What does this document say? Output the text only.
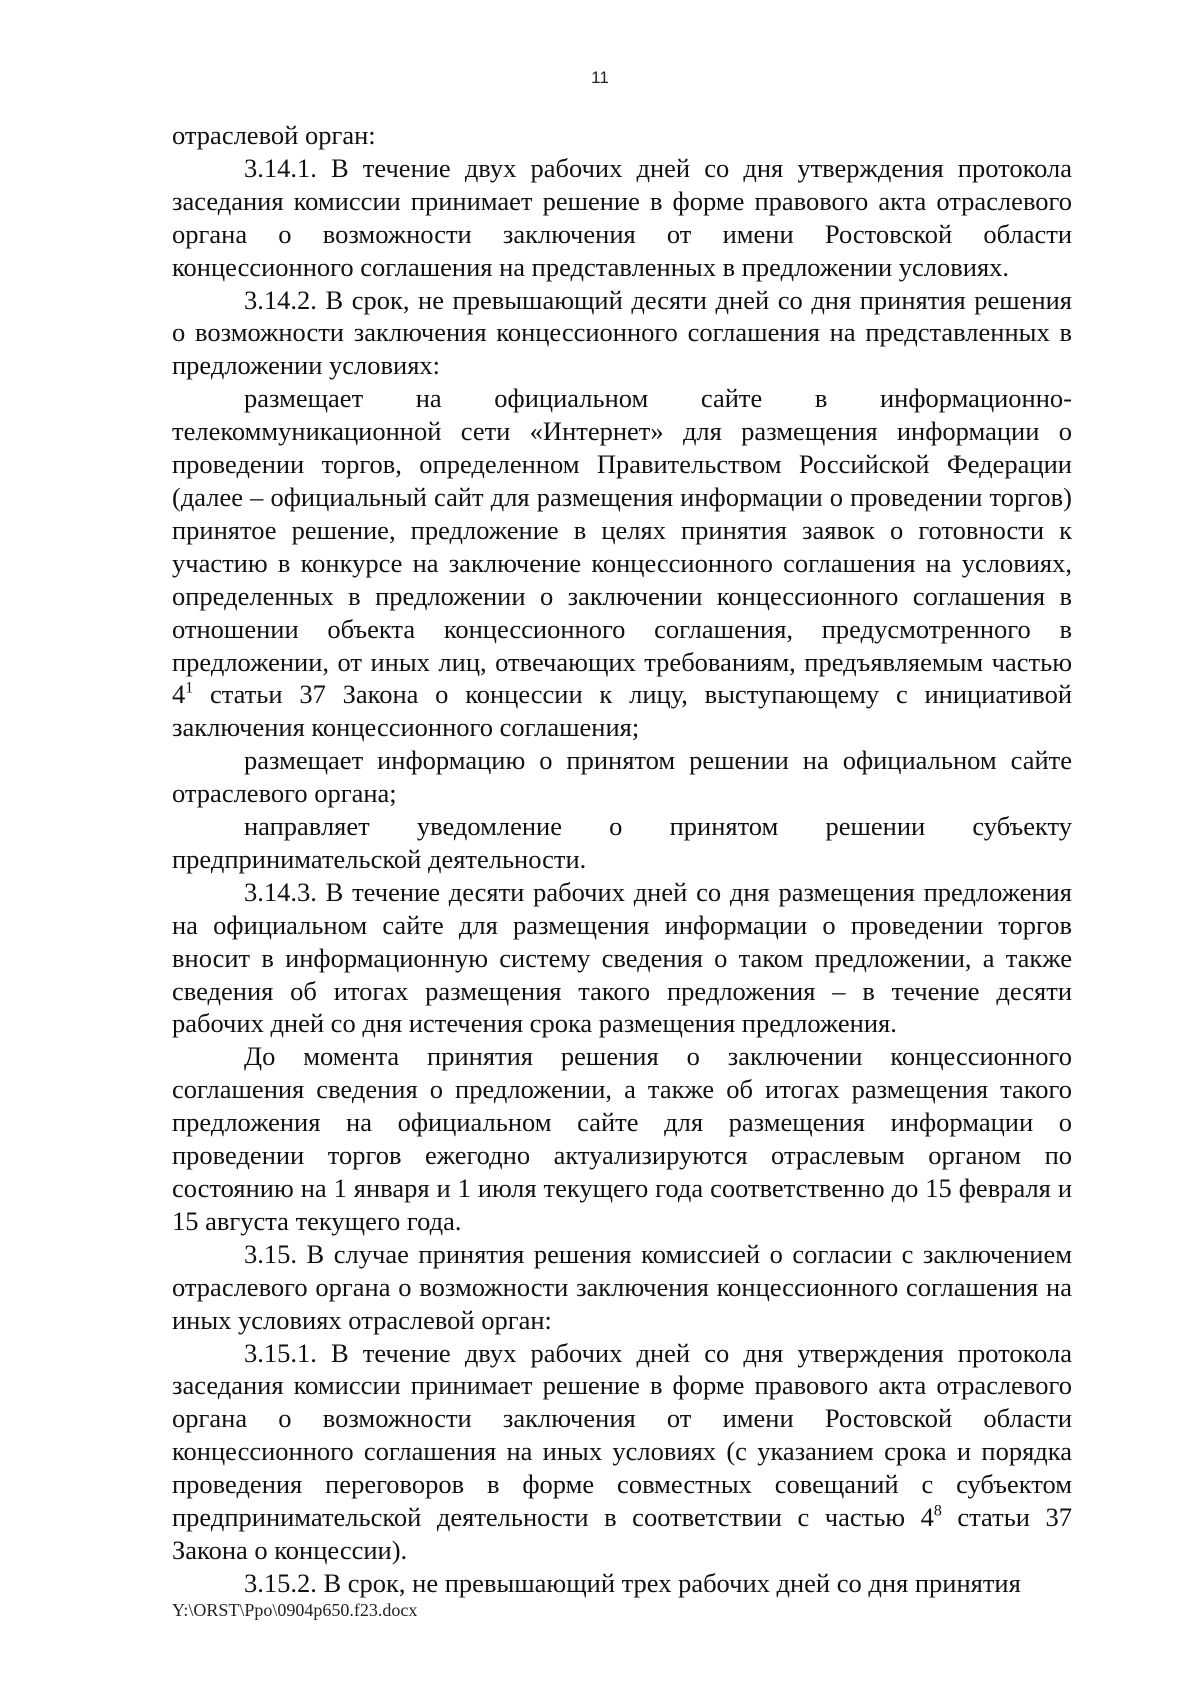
11

отраслевой орган:

3.14.1. В течение двух рабочих дней со дня утверждения протокола заседания комиссии принимает решение в форме правового акта отраслевого органа о возможности заключения от имени Ростовской области концессионного соглашения на представленных в предложении условиях.

3.14.2. В срок, не превышающий десяти дней со дня принятия решения о возможности заключения концессионного соглашения на представленных в предложении условиях:

размещает на официальном сайте в информационно-телекоммуникационной сети «Интернет» для размещения информации о проведении торгов, определенном Правительством Российской Федерации (далее – официальный сайт для размещения информации о проведении торгов) принятое решение, предложение в целях принятия заявок о готовности к участию в конкурсе на заключение концессионного соглашения на условиях, определенных в предложении о заключении концессионного соглашения в отношении объекта концессионного соглашения, предусмотренного в предложении, от иных лиц, отвечающих требованиям, предъявляемым частью $4^1$ статьи 37 Закона о концессии к лицу, выступающему с инициативой заключения концессионного соглашения;

размещает информацию о принятом решении на официальном сайте отраслевого органа;

направляет уведомление о принятом решении субъекту предпринимательской деятельности.

3.14.3. В течение десяти рабочих дней со дня размещения предложения на официальном сайте для размещения информации о проведении торгов вносит в информационную систему сведения о таком предложении, а также сведения об итогах размещения такого предложения – в течение десяти рабочих дней со дня истечения срока размещения предложения.

До момента принятия решения о заключении концессионного соглашения сведения о предложении, а также об итогах размещения такого предложения на официальном сайте для размещения информации о проведении торгов ежегодно актуализируются отраслевым органом по состоянию на 1 января и 1 июля текущего года соответственно до 15 февраля и 15 августа текущего года.

3.15. В случае принятия решения комиссией о согласии с заключением отраслевого органа о возможности заключения концессионного соглашения на иных условиях отраслевой орган:

3.15.1. В течение двух рабочих дней со дня утверждения протокола заседания комиссии принимает решение в форме правового акта отраслевого органа о возможности заключения от имени Ростовской области концессионного соглашения на иных условиях (с указанием срока и порядка проведения переговоров в форме совместных совещаний с субъектом предпринимательской деятельности в соответствии с частью $4^8$ статьи 37 Закона о концессии).

3.15.2. В срок, не превышающий трех рабочих дней со дня принятия

Y:\ORST\Ppo\0904p650.f23.docx
